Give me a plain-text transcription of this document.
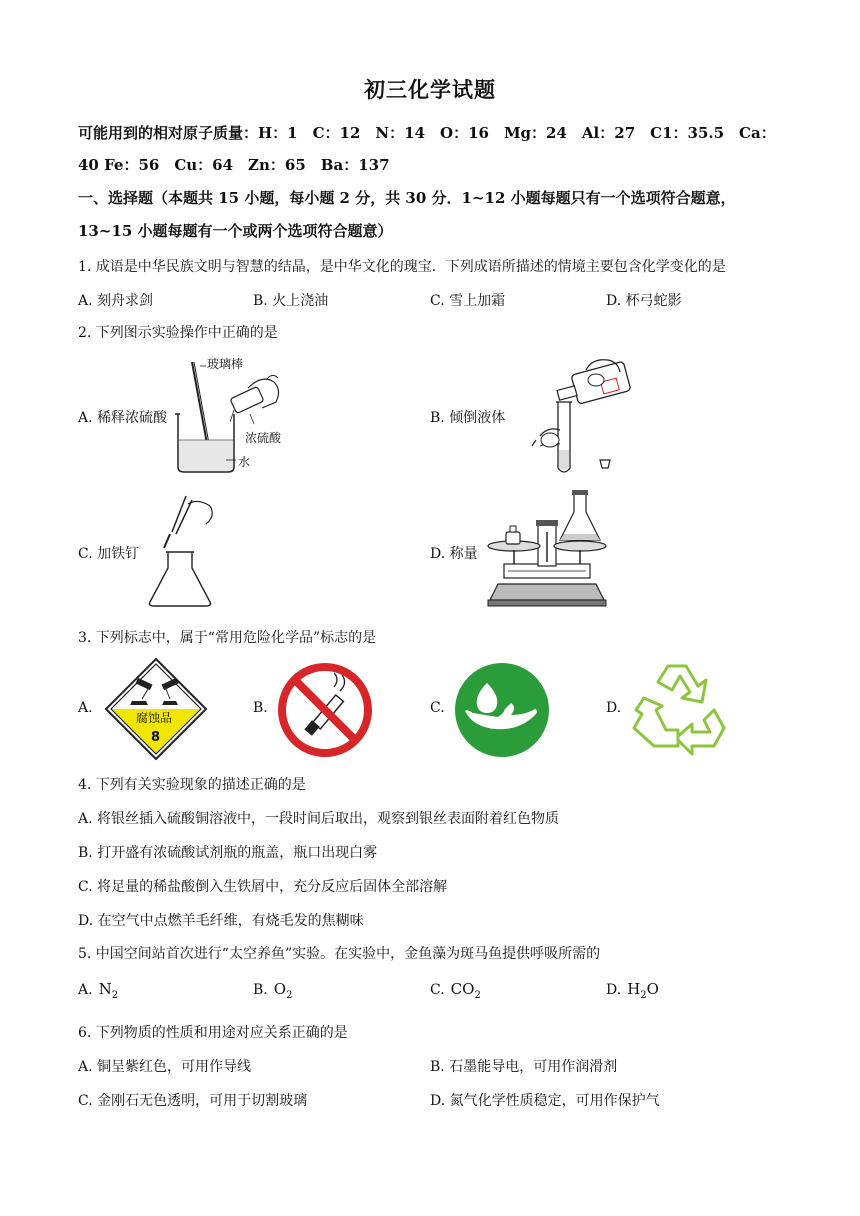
初三化学试题
可能用到的相对原子质量：H：1　C：12　N：14　O：16　Mg：24　Al：27　C1：35.5　Ca：
40 Fe：56　Cu：64　Zn：65　Ba：137
一、选择题（本题共 15 小题，每小题 2 分，共 30 分．1~12 小题每题只有一个选项符合题意，
13~15 小题每题有一个或两个选项符合题意）
1. 成语是中华民族文明与智慧的结晶，是中华文化的瑰宝．下列成语所描述的情境主要包含化学变化的是
A. 刻舟求剑	B. 火上浇油	C. 雪上加霜	D. 杯弓蛇影
2. 下列图示实验操作中正确的是
A. 稀释浓硫酸
玻璃棒
浓硫酸
水
B. 倾倒液体
C. 加铁钉	D. 称量
3. 下列标志中，属于“常用危险化学品”标志的是
A.
腐蚀品
8
B.	C.	D.
4. 下列有关实验现象的描述正确的是
A. 将银丝插入硫酸铜溶液中，一段时间后取出，观察到银丝表面附着红色物质
B. 打开盛有浓硫酸试剂瓶的瓶盖，瓶口出现白雾
C. 将足量的稀盐酸倒入生铁屑中，充分反应后固体全部溶解
D. 在空气中点燃羊毛纤维，有烧毛发的焦糊味
5. 中国空间站首次进行“太空养鱼”实验。在实验中，金鱼藻为斑马鱼提供呼吸所需的
A. $N_2$	B. $O_2$	C. $CO_2$	D. $H_2O$
6. 下列物质的性质和用途对应关系正确的是
A. 铜呈紫红色，可用作导线	B. 石墨能导电，可用作润滑剂
C. 金刚石无色透明，可用于切割玻璃	D. 氮气化学性质稳定，可用作保护气
